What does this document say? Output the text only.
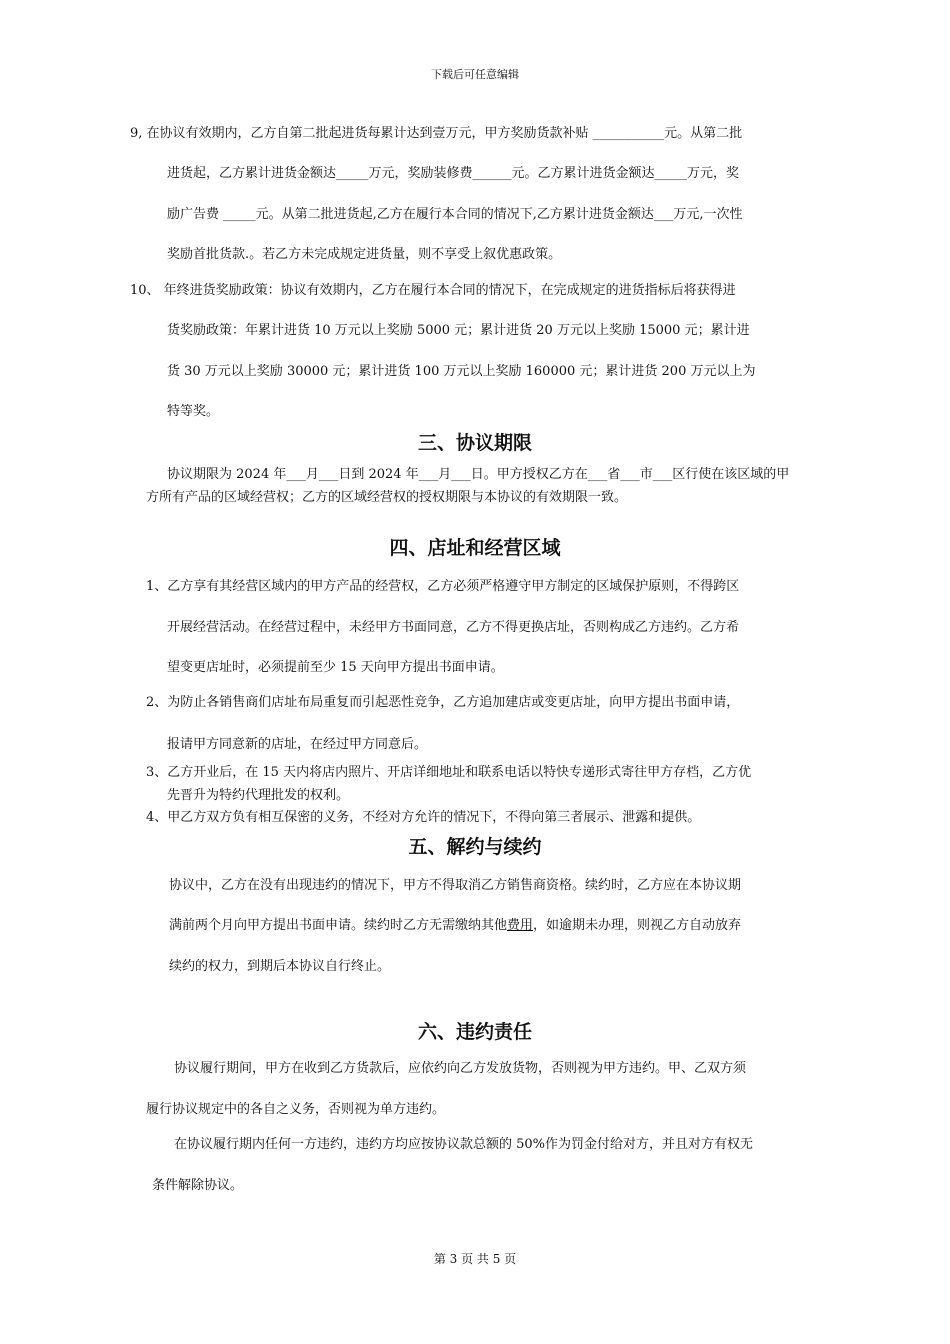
下载后可任意编辑
9, 在协议有效期内，乙方自第二批起进货每累计达到壹万元，甲方奖励货款补贴 ___________元。从第二批
进货起，乙方累计进货金额达_____万元，奖励装修费______元。乙方累计进货金额达_____万元，奖
励广告费 _____元。从第二批进货起,乙方在履行本合同的情况下,乙方累计进货金额达___万元,一次性
奖励首批货款.。若乙方未完成规定进货量，则不享受上叙优惠政策。
10、 年终进货奖励政策：协议有效期内，乙方在履行本合同的情况下，在完成规定的进货指标后将获得进
货奖励政策：年累计进货 10 万元以上奖励 5000 元；累计进货 20 万元以上奖励 15000 元；累计进
货 30 万元以上奖励 30000 元；累计进货 100 万元以上奖励 160000 元；累计进货 200 万元以上为
特等奖。
三、协议期限
协议期限为 2024 年___月___日到 2024 年___月___日。甲方授权乙方在___省___市___区行使在该区域的甲
方所有产品的区域经营权；乙方的区域经营权的授权期限与本协议的有效期限一致。
四、店址和经营区域
1、乙方享有其经营区域内的甲方产品的经营权，乙方必须严格遵守甲方制定的区域保护原则，不得跨区
开展经营活动。在经营过程中，未经甲方书面同意，乙方不得更换店址，否则构成乙方违约。乙方希
望变更店址时，必须提前至少 15 天向甲方提出书面申请。
2、为防止各销售商们店址布局重复而引起恶性竞争，乙方追加建店或变更店址，向甲方提出书面申请，
报请甲方同意新的店址，在经过甲方同意后。
3、乙方开业后，在 15 天内将店内照片、开店详细地址和联系电话以特快专递形式寄往甲方存档，乙方优
先晋升为特约代理批发的权利。
4、甲乙方双方负有相互保密的义务，不经对方允许的情况下，不得向第三者展示、泄露和提供。
五、解约与续约
协议中，乙方在没有出现违约的情况下，甲方不得取消乙方销售商资格。续约时，乙方应在本协议期
满前两个月向甲方提出书面申请。续约时乙方无需缴纳其他费用，如逾期未办理，则视乙方自动放弃
续约的权力，到期后本协议自行终止。
六、违约责任
协议履行期间，甲方在收到乙方货款后，应依约向乙方发放货物，否则视为甲方违约。甲、乙双方须
履行协议规定中的各自之义务，否则视为单方违约。
在协议履行期内任何一方违约，违约方均应按协议款总额的 50%作为罚金付给对方，并且对方有权无
条件解除协议。
第 3 页 共 5 页
